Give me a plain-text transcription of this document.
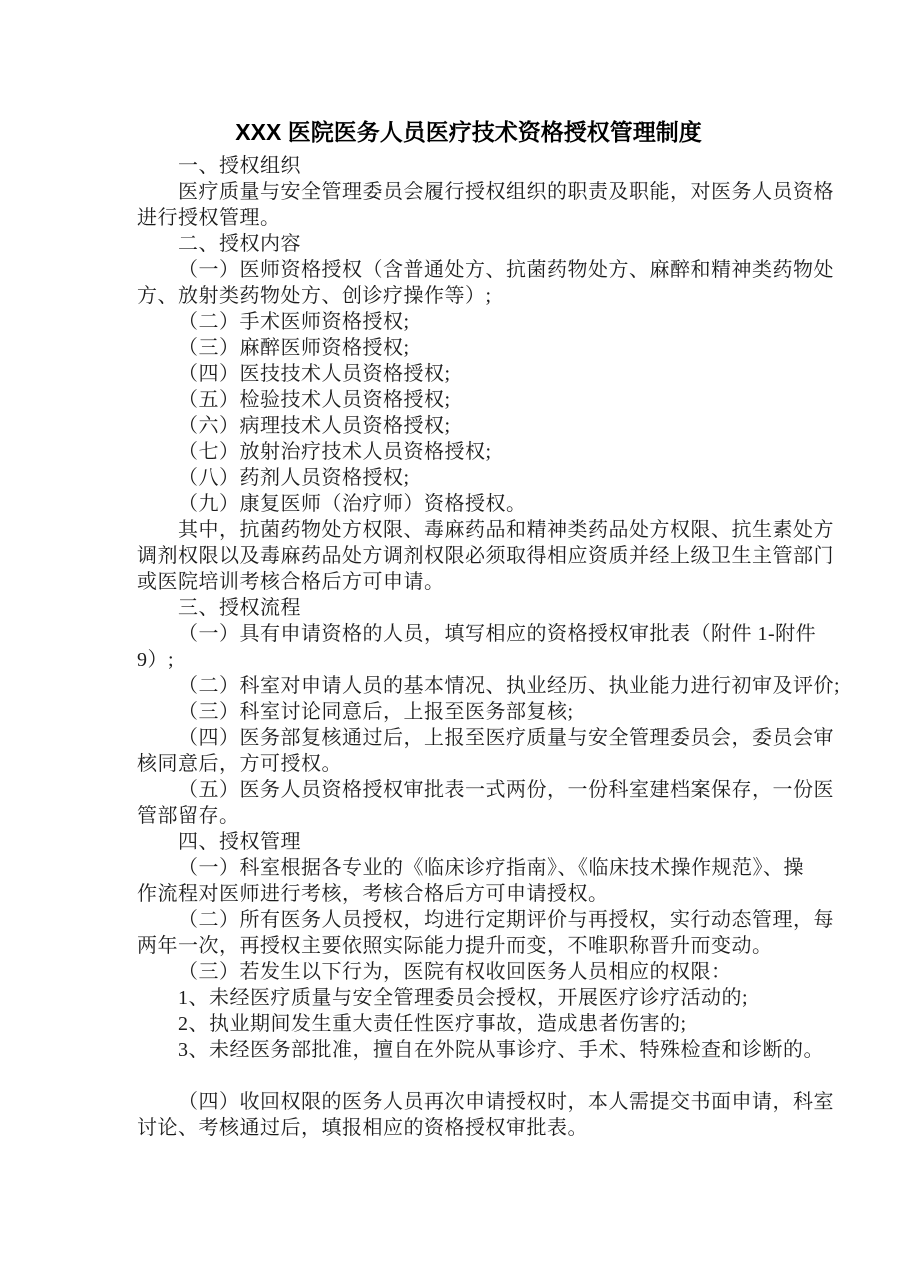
XXX 医院医务人员医疗技术资格授权管理制度
一、授权组织
医疗质量与安全管理委员会履行授权组织的职责及职能，对医务人员资格
进行授权管理。
二、授权内容
（一）医师资格授权（含普通处方、抗菌药物处方、麻醉和精神类药物处
方、放射类药物处方、创诊疗操作等）;
（二）手术医师资格授权;
（三）麻醉医师资格授权;
（四）医技技术人员资格授权;
（五）检验技术人员资格授权;
（六）病理技术人员资格授权;
（七）放射治疗技术人员资格授权;
（八）药剂人员资格授权;
（九）康复医师（治疗师）资格授权。
其中，抗菌药物处方权限、毒麻药品和精神类药品处方权限、抗生素处方
调剂权限以及毒麻药品处方调剂权限必须取得相应资质并经上级卫生主管部门
或医院培训考核合格后方可申请。
三、授权流程
（一）具有申请资格的人员，填写相应的资格授权审批表（附件 1-附件
9）;
（二）科室对申请人员的基本情况、执业经历、执业能力进行初审及评价;
（三）科室讨论同意后，上报至医务部复核;
（四）医务部复核通过后，上报至医疗质量与安全管理委员会，委员会审
核同意后，方可授权。
（五）医务人员资格授权审批表一式两份，一份科室建档案保存，一份医
管部留存。
四、授权管理
（一）科室根据各专业的《临床诊疗指南》、《临床技术操作规范》、操
作流程对医师进行考核，考核合格后方可申请授权。
（二）所有医务人员授权，均进行定期评价与再授权，实行动态管理，每
两年一次，再授权主要依照实际能力提升而变，不唯职称晋升而变动。
（三）若发生以下行为，医院有权收回医务人员相应的权限：
1、未经医疗质量与安全管理委员会授权，开展医疗诊疗活动的;
2、执业期间发生重大责任性医疗事故，造成患者伤害的;
3、未经医务部批准，擅自在外院从事诊疗、手术、特殊检查和诊断的。
（四）收回权限的医务人员再次申请授权时，本人需提交书面申请，科室
讨论、考核通过后，填报相应的资格授权审批表。
